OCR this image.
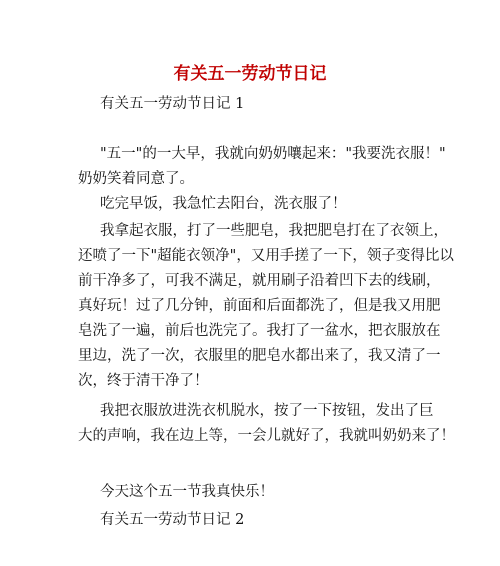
有关五一劳动节日记
有关五一劳动节日记 1
"五一"的一大早，我就向奶奶嚷起来："我要洗衣服！"
奶奶笑着同意了。
吃完早饭，我急忙去阳台，洗衣服了！
我拿起衣服，打了一些肥皂，我把肥皂打在了衣领上，
还喷了一下"超能衣领净"，又用手搓了一下，领子变得比以
前干净多了，可我不满足，就用刷子沿着凹下去的线刷，
真好玩！过了几分钟，前面和后面都洗了，但是我又用肥
皂洗了一遍，前后也洗完了。我打了一盆水，把衣服放在
里边，洗了一次，衣服里的肥皂水都出来了，我又清了一
次，终于清干净了！
我把衣服放进洗衣机脱水，按了一下按钮，发出了巨
大的声响，我在边上等，一会儿就好了，我就叫奶奶来了！
今天这个五一节我真快乐！
有关五一劳动节日记 2
